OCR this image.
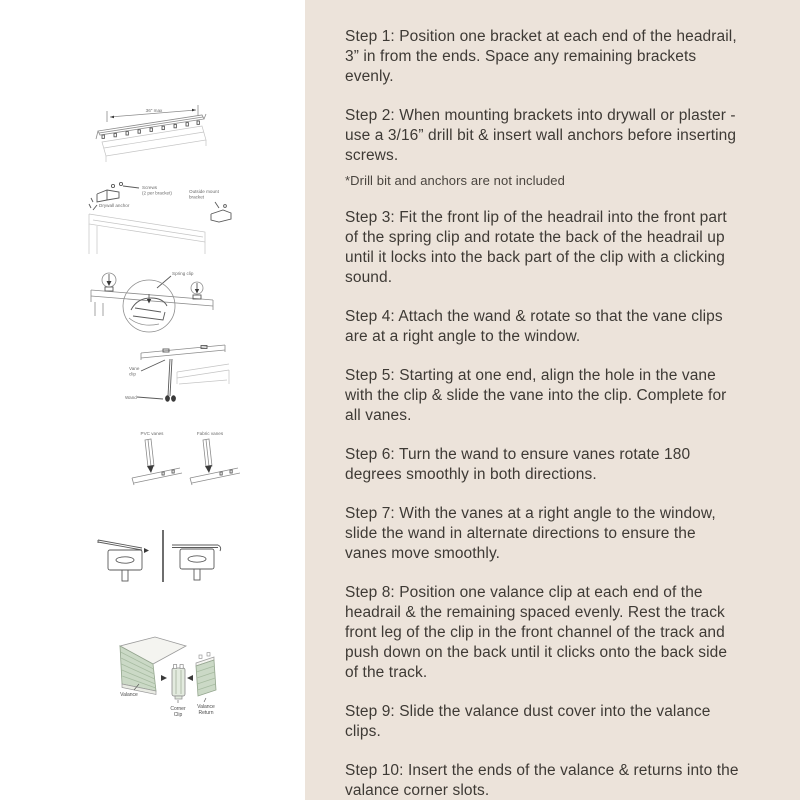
36" max
Screws
(2 per bracket)	Outside mount
bracket
Drywall anchor
Spring clip
Vane
clip
Wand
PVC vanes	Fabric vanes
Valance
Corner
Clip
Valance
Return

Step 1: Position one bracket at each end of the headrail, 3” in from the ends. Space any remaining brackets evenly.

Step 2: When mounting brackets into drywall or plaster - use a 3/16” drill bit & insert wall anchors before inserting screws.

*Drill bit and anchors are not included

Step 3: Fit the front lip of the headrail into the front part of the spring clip and rotate the back of the headrail up until it locks into the back part of the clip with a clicking sound.

Step 4: Attach the wand & rotate so that the vane clips are at a right angle to the window.

Step 5: Starting at one end, align the hole in the vane with the clip & slide the vane into the clip. Complete for all vanes.

Step 6: Turn the wand to ensure vanes rotate 180 degrees smoothly in both directions.

Step 7: With the vanes at a right angle to the window, slide the wand in alternate directions to ensure the vanes move smoothly.

Step 8: Position one valance clip at each end of the headrail & the remaining spaced evenly. Rest the track front leg of the clip in the front channel of the track and push down on the back until it clicks onto the back side of the track.

Step 9: Slide the valance dust cover into the valance clips.

Step 10: Insert the ends of the valance & returns into the valance corner slots.
